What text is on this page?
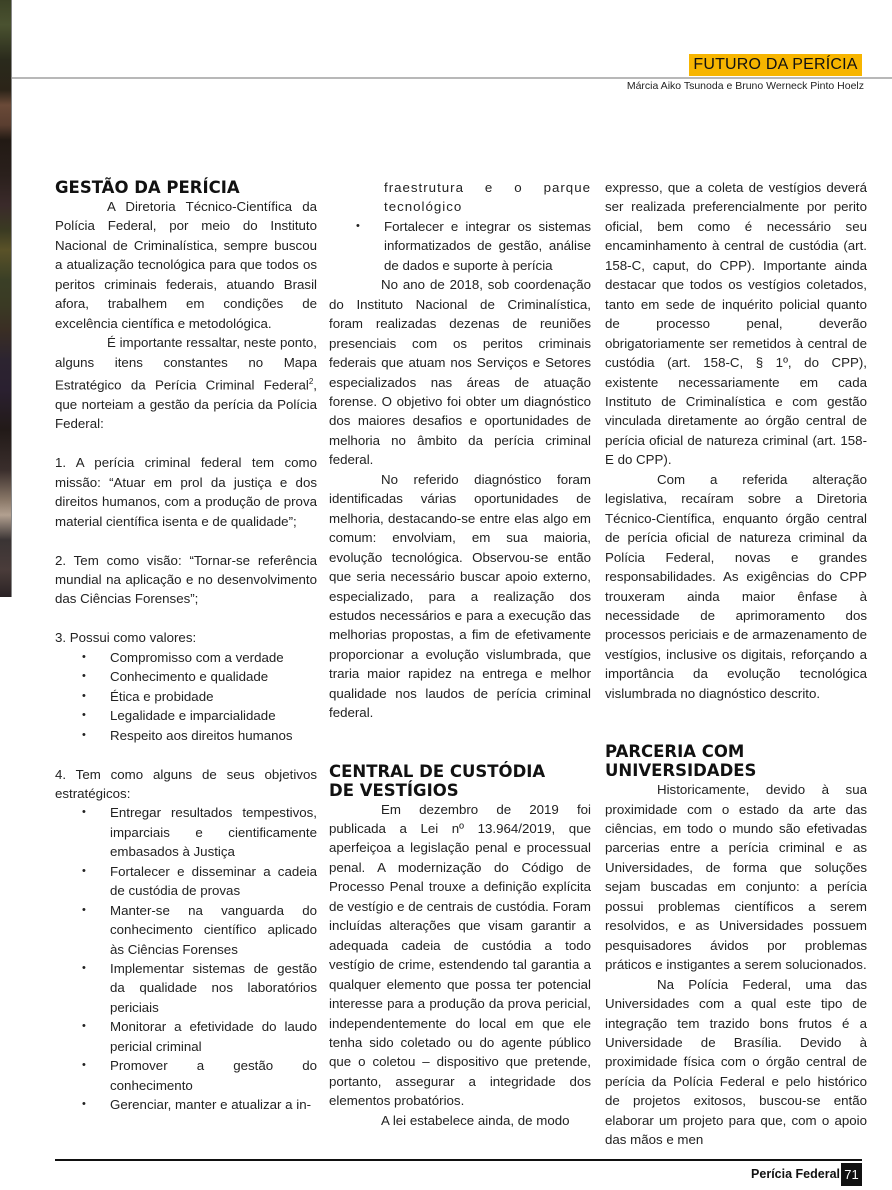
FUTURO DA PERÍCIA
Márcia Aiko Tsunoda e Bruno Werneck Pinto Hoelz
GESTÃO DA PERÍCIA

A Diretoria Técnico-Científica da Polícia Federal, por meio do Instituto Nacional de Criminalística, sempre buscou a atualização tecnológica para que todos os peritos criminais federais, atuando Brasil afora, trabalhem em condições de excelência científica e metodológica.

É importante ressaltar, neste ponto, alguns itens constantes no Mapa Estratégico da Perícia Criminal Federal$^2$, que norteiam a gestão da perícia da Polícia Federal:

1. A perícia criminal federal tem como missão: “Atuar em prol da justiça e dos direitos humanos, com a produção de prova material científica isenta e de qualidade”;

2. Tem como visão: “Tornar-se referência mundial na aplicação e no desenvolvimento das Ciências Forenses”;

3. Possui como valores:

• Compromisso com a verdade
• Conhecimento e qualidade
• Ética e probidade
• Legalidade e imparcialidade
• Respeito aos direitos humanos

4. Tem como alguns de seus objetivos estratégicos:

• Entregar resultados tempestivos, imparciais e cientificamente embasados à Justiça
• Fortalecer e disseminar a cadeia de custódia de provas
• Manter-se na vanguarda do conhecimento científico aplicado às Ciências Forenses
• Implementar sistemas de gestão da qualidade nos laboratórios periciais
• Monitorar a efetividade do laudo pericial criminal
• Promover a gestão do conhecimento
• Gerenciar, manter e atualizar a in-

fraestrutura e o parque tecnológico

• Fortalecer e integrar os sistemas informatizados de gestão, análise de dados e suporte à perícia

No ano de 2018, sob coordenação do Instituto Nacional de Criminalística, foram realizadas dezenas de reuniões presenciais com os peritos criminais federais que atuam nos Serviços e Setores especializados nas áreas de atuação forense. O objetivo foi obter um diagnóstico dos maiores desafios e oportunidades de melhoria no âmbito da perícia criminal federal.

No referido diagnóstico foram identificadas várias oportunidades de melhoria, destacando-se entre elas algo em comum: envolviam, em sua maioria, evolução tecnológica. Observou-se então que seria necessário buscar apoio externo, especializado, para a realização dos estudos necessários e para a execução das melhorias propostas, a fim de efetivamente proporcionar a evolução vislumbrada, que traria maior rapidez na entrega e melhor qualidade nos laudos de perícia criminal federal.

CENTRAL DE CUSTÓDIA
DE VESTÍGIOS

Em dezembro de 2019 foi publicada a Lei nº 13.964/2019, que aperfeiçoa a legislação penal e processual penal. A modernização do Código de Processo Penal trouxe a definição explícita de vestígio e de centrais de custódia. Foram incluídas alterações que visam garantir a adequada cadeia de custódia a todo vestígio de crime, estendendo tal garantia a qualquer elemento que possa ter potencial interesse para a produção da prova pericial, independentemente do local em que ele tenha sido coletado ou do agente público que o coletou – dispositivo que pretende, portanto, assegurar a integridade dos elementos probatórios.

A lei estabelece ainda, de modo

expresso, que a coleta de vestígios deverá ser realizada preferencialmente por perito oficial, bem como é necessário seu encaminhamento à central de custódia (art. 158-C, caput, do CPP). Importante ainda destacar que todos os vestígios coletados, tanto em sede de inquérito policial quanto de processo penal, deverão obrigatoriamente ser remetidos à central de custódia (art. 158-C, § 1º, do CPP), existente necessariamente em cada Instituto de Criminalística e com gestão vinculada diretamente ao órgão central de perícia oficial de natureza criminal (art. 158-E do CPP).

Com a referida alteração legislativa, recaíram sobre a Diretoria Técnico-Científica, enquanto órgão central de perícia oficial de natureza criminal da Polícia Federal, novas e grandes responsabilidades. As exigências do CPP trouxeram ainda maior ênfase à necessidade de aprimoramento dos processos periciais e de armazenamento de vestígios, inclusive os digitais, reforçando a importância da evolução tecnológica vislumbrada no diagnóstico descrito.

PARCERIA COM
UNIVERSIDADES

Historicamente, devido à sua proximidade com o estado da arte das ciências, em todo o mundo são efetivadas parcerias entre a perícia criminal e as Universidades, de forma que soluções sejam buscadas em conjunto: a perícia possui problemas científicos a serem resolvidos, e as Universidades possuem pesquisadores ávidos por problemas práticos e instigantes a serem solucionados.

Na Polícia Federal, uma das Universidades com a qual este tipo de integração tem trazido bons frutos é a Universidade de Brasília. Devido à proximidade física com o órgão central de perícia da Polícia Federal e pelo histórico de projetos exitosos, buscou-se então elaborar um projeto para que, com o apoio das mãos e men

Perícia Federal 71
